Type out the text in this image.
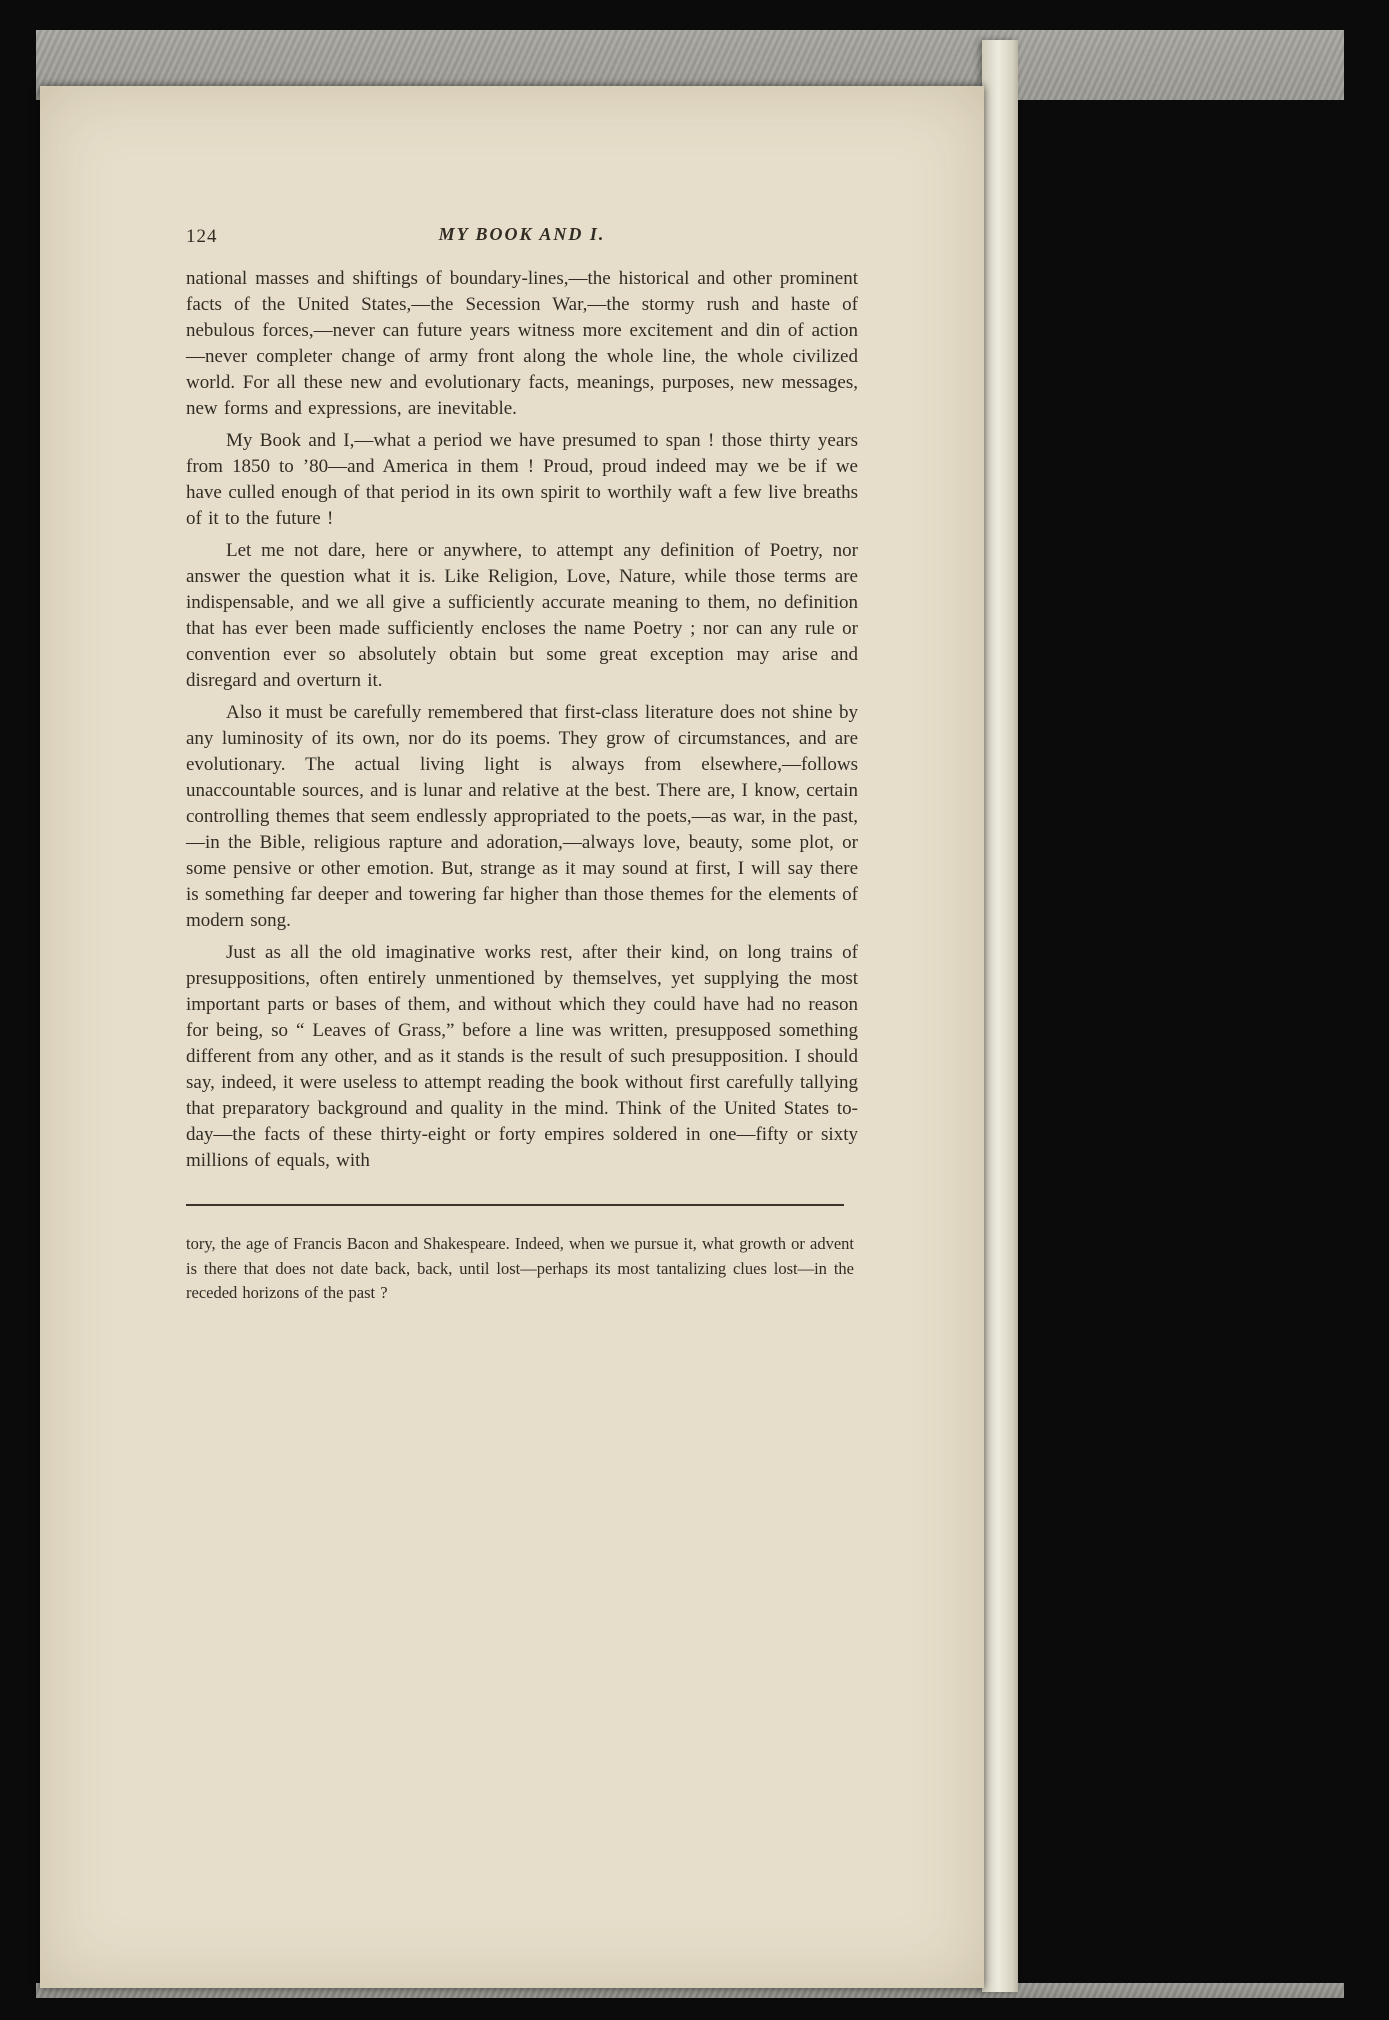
124	MY BOOK AND I.

national masses and shiftings of boundary-lines,—the historical and other prominent facts of the United States,—the Secession War,—the stormy rush and haste of nebulous forces,—never can future years witness more excitement and din of action—never completer change of army front along the whole line, the whole civilized world. For all these new and evolutionary facts, meanings, purposes, new messages, new forms and expressions, are inevitable.

My Book and I,—what a period we have presumed to span ! those thirty years from 1850 to ’80—and America in them ! Proud, proud indeed may we be if we have culled enough of that period in its own spirit to worthily waft a few live breaths of it to the future !

Let me not dare, here or anywhere, to attempt any definition of Poetry, nor answer the question what it is. Like Religion, Love, Nature, while those terms are indispensable, and we all give a sufficiently accurate meaning to them, no definition that has ever been made sufficiently encloses the name Poetry ; nor can any rule or convention ever so absolutely obtain but some great exception may arise and disregard and overturn it.

Also it must be carefully remembered that first-class literature does not shine by any luminosity of its own, nor do its poems. They grow of circumstances, and are evolutionary. The actual living light is always from elsewhere,—follows unaccountable sources, and is lunar and relative at the best. There are, I know, certain controlling themes that seem endlessly appropriated to the poets,—as war, in the past,—in the Bible, religious rapture and adoration,—always love, beauty, some plot, or some pensive or other emotion. But, strange as it may sound at first, I will say there is something far deeper and towering far higher than those themes for the elements of modern song.

Just as all the old imaginative works rest, after their kind, on long trains of presuppositions, often entirely unmentioned by themselves, yet supplying the most important parts or bases of them, and without which they could have had no reason for being, so “ Leaves of Grass,” before a line was written, presupposed something different from any other, and as it stands is the result of such presupposition. I should say, indeed, it were useless to attempt reading the book without first carefully tallying that preparatory background and quality in the mind. Think of the United States to-day—the facts of these thirty-eight or forty empires soldered in one—fifty or sixty millions of equals, with

tory, the age of Francis Bacon and Shakespeare. Indeed, when we pursue it, what growth or advent is there that does not date back, back, until lost—perhaps its most tantalizing clues lost—in the receded horizons of the past ?
